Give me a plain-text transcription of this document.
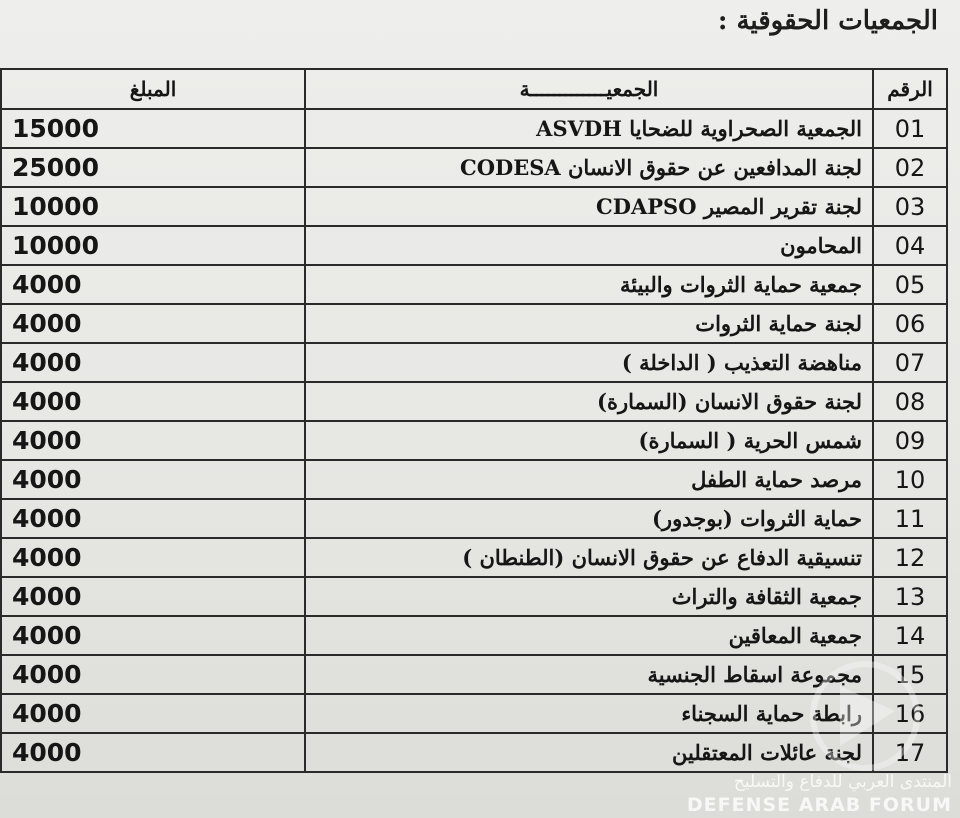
الجمعيات الحقوقية :
الرقم	الجمعيـــــــــــــة	المبلغ
01	الجمعية الصحراوية للضحايا ASVDH	15000
02	لجنة المدافعين عن حقوق الانسان CODESA	25000
03	لجنة تقرير المصير CDAPSO	10000
04	المحامون	10000
05	جمعية حماية الثروات والبيئة	4000
06	لجنة حماية الثروات	4000
07	مناهضة التعذيب ( الداخلة )	4000
08	لجنة حقوق الانسان (السمارة)	4000
09	شمس الحرية ( السمارة)	4000
10	مرصد حماية الطفل	4000
11	حماية الثروات (بوجدور)	4000
12	تنسيقية الدفاع عن حقوق الانسان (الطنطان )	4000
13	جمعية الثقافة والتراث	4000
14	جمعية المعاقين	4000
15	مجموعة اسقاط الجنسية	4000
16	رابطة حماية السجناء	4000
17	لجنة عائلات المعتقلين	4000
المنتدى العربي للدفاع والتسليح
DEFENSE ARAB FORUM
